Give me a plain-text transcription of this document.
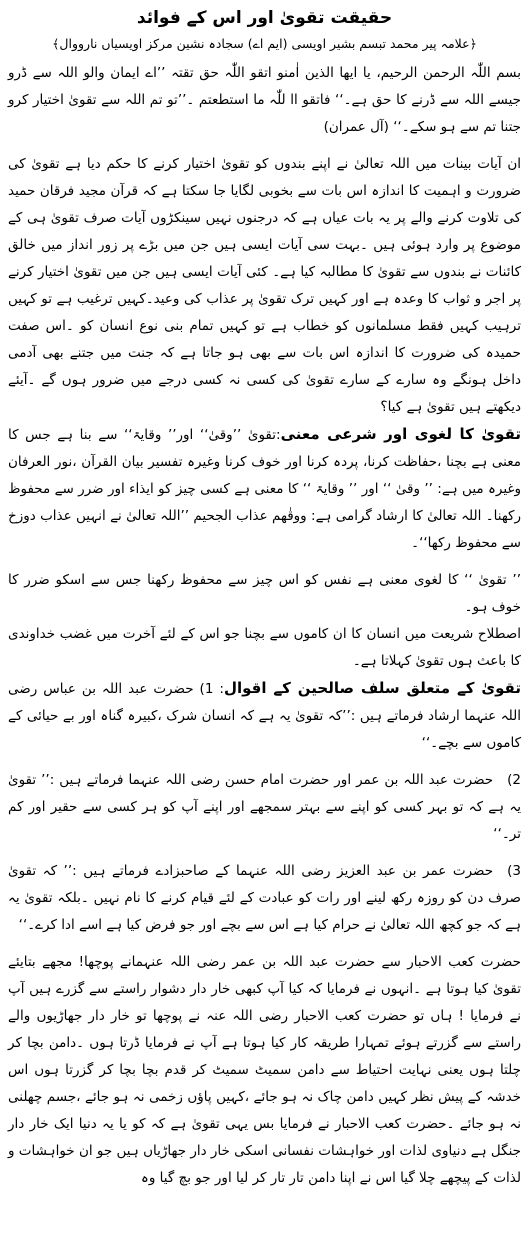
حقیقت تقویٰ اور اس کے فوائد
﴿علامہ پیر محمد تبسم بشیر اویسی (ایم اے) سجادہ نشین مرکز اویسیاں نارووال﴾

بسم اللّٰہ الرحمن الرحیم، یا ایھا الذین اٰمنو اتقو اللّٰہ حق تقتہ ’’اے ایمان والو اللہ سے ڈرو جیسے اللہ سے ڈرنے کا حق ہے۔‘‘ فاتقو اا للّٰہ ما استطعتم ۔’’تو تم اللہ سے تقویٰ اختیار کرو جتنا تم سے ہو سکے۔‘‘ (آل عمران)

ان آیات بینات میں اللہ تعالیٰ نے اپنے بندوں کو تقویٰ اختیار کرنے کا حکم دیا ہے تقویٰ کی ضرورت و اہمیت کا اندازہ اس بات سے بخوبی لگایا جا سکتا ہے کہ قرآن مجید فرقان حمید کی تلاوت کرنے والے پر یہ بات عیاں ہے کہ درجنوں نہیں سینکڑوں آیات صرف تقویٰ ہی کے موضوع پر وارد ہوئی ہیں ۔بہت سی آیات ایسی ہیں جن میں بڑے پر زور انداز میں خالق کائنات نے بندوں سے تقویٰ کا مطالبہ کیا ہے۔ کئی آیات ایسی ہیں جن میں تقویٰ اختیار کرنے پر اجر و ثواب کا وعدہ ہے اور کہیں ترک تقویٰ پر عذاب کی وعید۔کہیں ترغیب ہے تو کہیں ترہیب کہیں فقط مسلمانوں کو خطاب ہے تو کہیں تمام بنی نوع انسان کو ۔اس صفت حمیدہ کی ضرورت کا اندازہ اس بات سے بھی ہو جاتا ہے کہ جنت میں جتنے بھی آدمی داخل ہونگے وہ سارے کے سارے تقویٰ کی کسی نہ کسی درجے میں ضرور ہوں گے ۔آیئے دیکھتے ہیں تقویٰ ہے کیا؟

تقویٰ کا لغوی اور شرعی معنی:تقویٰ ’’وقیٰ‘‘ اور’’ وقایۃ‘‘ سے بنا ہے جس کا معنی ہے بچنا ،حفاظت کرنا، پردہ کرنا اور خوف کرنا وغیرہ تفسیر بیان القرآن ،نور العرفان وغیرہ میں ہے: ’’ وقیٰ ‘‘ اور ’’ وقایۃ ‘‘ کا معنی ہے کسی چیز کو ایذاء اور ضرر سے محفوظ رکھنا۔ اللہ تعالیٰ کا ارشاد گرامی ہے: ووقٰھم عذاب الجحیم ’’اللہ تعالیٰ نے انہیں عذاب دوزخ سے محفوظ رکھا‘‘۔

’’ تقویٰ ‘‘ کا لغوی معنی ہے نفس کو اس چیز سے محفوظ رکھنا جس سے اسکو ضرر کا خوف ہو۔

اصطلاح شریعت میں انسان کا ان کاموں سے بچنا جو اس کے لئے آخرت میں غضب خداوندی کا باعث ہوں تقویٰ کہلاتا ہے۔

تقویٰ کے متعلق سلف صالحین کے اقوال: 1) حضرت عبد اللہ بن عباس رضی اللہ عنہما ارشاد فرماتے ہیں :’’کہ تقویٰ یہ ہے کہ انسان شرک ،کبیرہ گناہ اور بے حیائی کے کاموں سے بچے۔‘‘

2)حضرت عبد اللہ بن عمر اور حضرت امام حسن رضی اللہ عنہما فرماتے ہیں :’’ تقویٰ یہ ہے کہ تو بہر کسی کو اپنے سے بہتر سمجھے اور اپنے آپ کو ہر کسی سے حقیر اور کم تر۔‘‘

3)حضرت عمر بن عبد العزیز رضی اللہ عنہما کے صاحبزادے فرماتے ہیں :’’ کہ تقویٰ صرف دن کو روزہ رکھ لینے اور رات کو عبادت کے لئے قیام کرنے کا نام نہیں ۔بلکہ تقویٰ یہ ہے کہ جو کچھ اللہ تعالیٰ نے حرام کیا ہے اس سے بچے اور جو فرض کیا ہے اسے ادا کرے۔‘‘

حضرت کعب الاحبار سے حضرت عبد اللہ بن عمر رضی اللہ عنہمانے پوچھا! مجھے بتایئے تقویٰ کیا ہوتا ہے ۔انہوں نے فرمایا کہ کیا آپ کبھی خار دار دشوار راستے سے گزرے ہیں آپ نے فرمایا ! ہاں تو حضرت کعب الاحبار رضی اللہ عنہ نے پوچھا تو خار دار جھاڑیوں والے راستے سے گزرتے ہوئے تمہارا طریقہ کار کیا ہوتا ہے آپ نے فرمایا ڈرتا ہوں ۔دامن بچا کر چلتا ہوں یعنی نہایت احتیاط سے دامن سمیٹ سمیٹ کر قدم بچا بچا کر گزرتا ہوں اس خدشہ کے پیش نظر کہیں دامن چاک نہ ہو جائے ،کہیں پاؤں زخمی نہ ہو جائے ،جسم چھلنی نہ ہو جائے ۔حضرت کعب الاحبار نے فرمایا بس یہی تقویٰ ہے کہ کو یا یہ دنیا ایک خار دار جنگل ہے دنیاوی لذات اور خواہشات نفسانی اسکی خار دار جھاڑیاں ہیں جو ان خواہشات و لذات کے پیچھے چلا گیا اس نے اپنا دامن تار تار کر لیا اور جو بچ گیا وہ
